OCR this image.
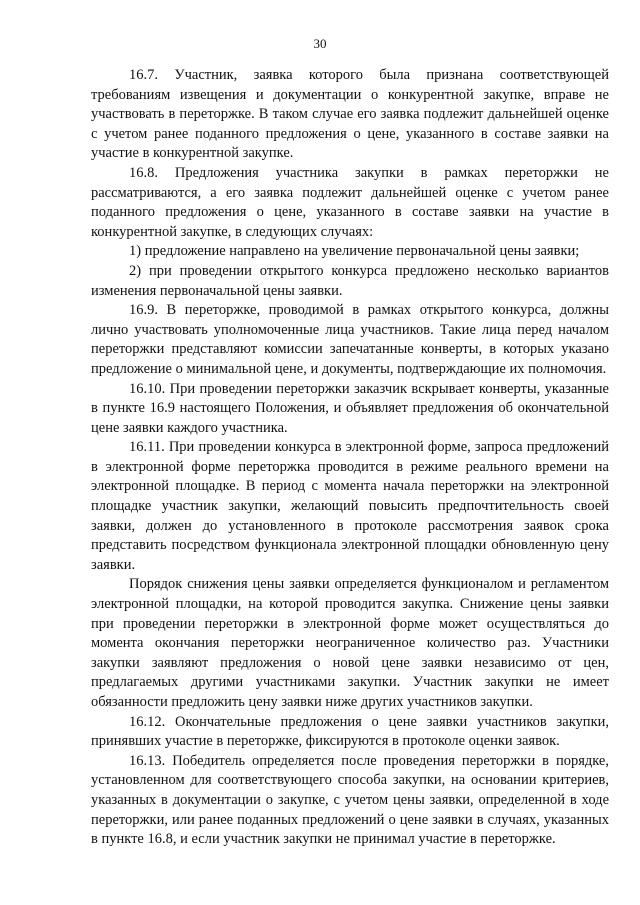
30

16.7. Участник, заявка которого была признана соответствующей требованиям извещения и документации о конкурентной закупке, вправе не участвовать в переторжке. В таком случае его заявка подлежит дальнейшей оценке с учетом ранее поданного предложения о цене, указанного в составе заявки на участие в конкурентной закупке.

16.8. Предложения участника закупки в рамках переторжки не рассматриваются, а его заявка подлежит дальнейшей оценке с учетом ранее поданного предложения о цене, указанного в составе заявки на участие в конкурентной закупке, в следующих случаях:

1) предложение направлено на увеличение первоначальной цены заявки;

2) при проведении открытого конкурса предложено несколько вариантов изменения первоначальной цены заявки.

16.9. В переторжке, проводимой в рамках открытого конкурса, должны лично участвовать уполномоченные лица участников. Такие лица перед началом переторжки представляют комиссии запечатанные конверты, в которых указано предложение о минимальной цене, и документы, подтверждающие их полномочия.

16.10. При проведении переторжки заказчик вскрывает конверты, указанные в пункте 16.9 настоящего Положения, и объявляет предложения об окончательной цене заявки каждого участника.

16.11. При проведении конкурса в электронной форме, запроса предложений в электронной форме переторжка проводится в режиме реального времени на электронной площадке. В период с момента начала переторжки на электронной площадке участник закупки, желающий повысить предпочтительность своей заявки, должен до установленного в протоколе рассмотрения заявок срока представить посредством функционала электронной площадки обновленную цену заявки.

Порядок снижения цены заявки определяется функционалом и регламентом электронной площадки, на которой проводится закупка. Снижение цены заявки при проведении переторжки в электронной форме может осуществляться до момента окончания переторжки неограниченное количество раз. Участники закупки заявляют предложения о новой цене заявки независимо от цен, предлагаемых другими участниками закупки. Участник закупки не имеет обязанности предложить цену заявки ниже других участников закупки.

16.12. Окончательные предложения о цене заявки участников закупки, принявших участие в переторжке, фиксируются в протоколе оценки заявок.

16.13. Победитель определяется после проведения переторжки в порядке, установленном для соответствующего способа закупки, на основании критериев, указанных в документации о закупке, с учетом цены заявки, определенной в ходе переторжки, или ранее поданных предложений о цене заявки в случаях, указанных в пункте 16.8, и если участник закупки не принимал участие в переторжке.
